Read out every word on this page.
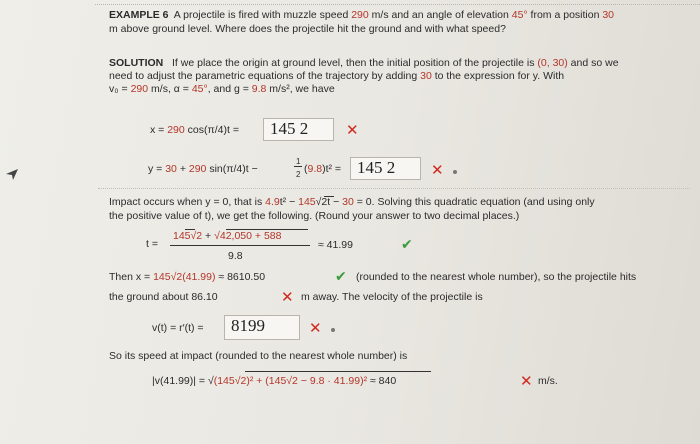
EXAMPLE 6 A projectile is fired with muzzle speed 290 m/s and an angle of elevation 45° from a position 30
m above ground level. Where does the projectile hit the ground and with what speed?
SOLUTION If we place the origin at ground level, then the initial position of the projectile is (0, 30) and so we
need to adjust the parametric equations of the trajectory by adding 30 to the expression for y. With
v₀ = 290 m/s, α = 45°, and g = 9.8 m/s², we have
x = 290 cos(π/4)t =	145 2	✕
y = 30 + 290 sin(π/4)t −
1
2 (9.8)t² = 145 2	✕
Impact occurs when y = 0, that is 4.9t² − 145
√2t − 30 = 0. Solving this quadratic equation (and using only
the positive value of t), we get the following. (Round your answer to two decimal places.)
t =
145√2 + √42,050 + 588
9.8
≈ 41.99	✔
Then x = 145√2(41.99) ≈ 8610.50	✔ (rounded to the nearest whole number), so the projectile hits
the ground about 86.10	✕ m away. The velocity of the projectile is
v(t) = r′(t) =	8199	✕
So its speed at impact (rounded to the nearest whole number) is
|v(41.99)| = √(145√2)² + (145√2 − 9.8 · 41.99)² ≈ 840	✕ m/s.
